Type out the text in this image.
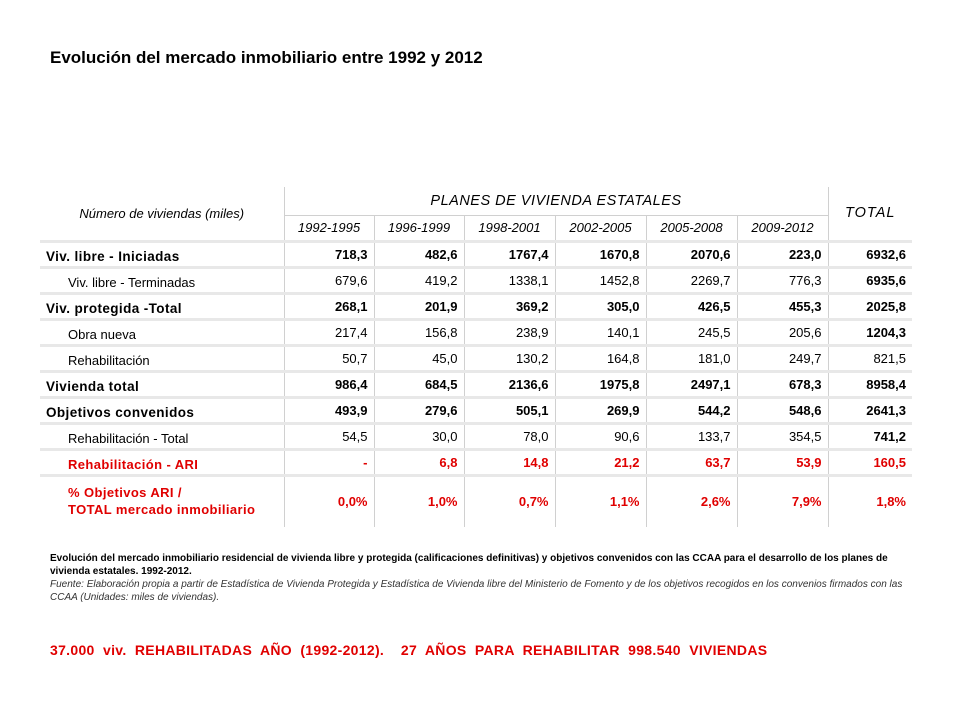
Evolución del mercado inmobiliario entre 1992 y 2012
Número de viviendas (miles)	PLANES DE VIVIENDA ESTATALES						TOTAL
	1992-1995	1996-1999	1998-2001	2002-2005	2005-2008	2009-2012	
Viv. libre - Iniciadas	718,3	482,6	1767,4	1670,8	2070,6	223,0	6932,6
Viv. libre - Terminadas	679,6	419,2	1338,1	1452,8	2269,7	776,3	6935,6
Viv. protegida -Total	268,1	201,9	369,2	305,0	426,5	455,3	2025,8
Obra nueva	217,4	156,8	238,9	140,1	245,5	205,6	1204,3
Rehabilitación	50,7	45,0	130,2	164,8	181,0	249,7	821,5
Vivienda total	986,4	684,5	2136,6	1975,8	2497,1	678,3	8958,4
Objetivos convenidos	493,9	279,6	505,1	269,9	544,2	548,6	2641,3
Rehabilitación - Total	54,5	30,0	78,0	90,6	133,7	354,5	741,2
Rehabilitación - ARI	-	6,8	14,8	21,2	63,7	53,9	160,5

% Objetivos ARI /
TOTAL mercado inmobiliario	0,0%	1,0%	0,7%	1,1%	2,6%	7,9%	1,8%
Evolución del mercado inmobiliario residencial de vivienda libre y protegida (calificaciones definitivas) y objetivos convenidos con las CCAA para el desarrollo de los planes de vivienda estatales. 1992-2012.
Fuente: Elaboración propia a partir de Estadística de Vivienda Protegida y Estadística de Vivienda libre del Ministerio de Fomento y de los objetivos recogidos en los convenios firmados con las CCAA (Unidades: miles de viviendas).
37.000  viv.  REHABILITADAS  AÑO  (1992-2012).    27  AÑOS  PARA  REHABILITAR  998.540  VIVIENDAS
